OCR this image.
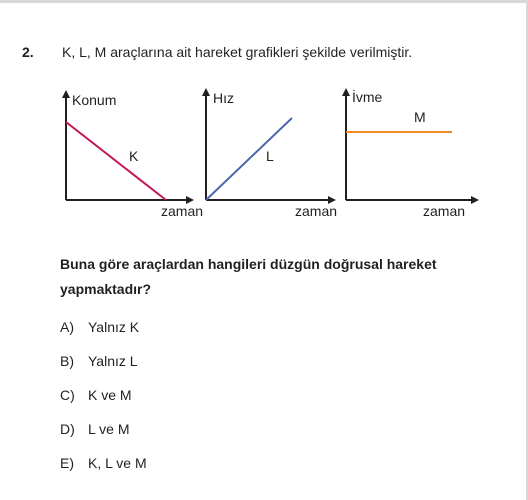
2. K, L, M araçlarına ait hareket grafikleri şekilde verilmiştir.
Konum
K
zaman
Hız
L
zaman
İvme
M
zaman
Buna göre araçlardan hangileri düzgün doğrusal hareket yapmaktadır?
A) Yalnız K
B) Yalnız L
C) K ve M
D) L ve M
E) K, L ve M
